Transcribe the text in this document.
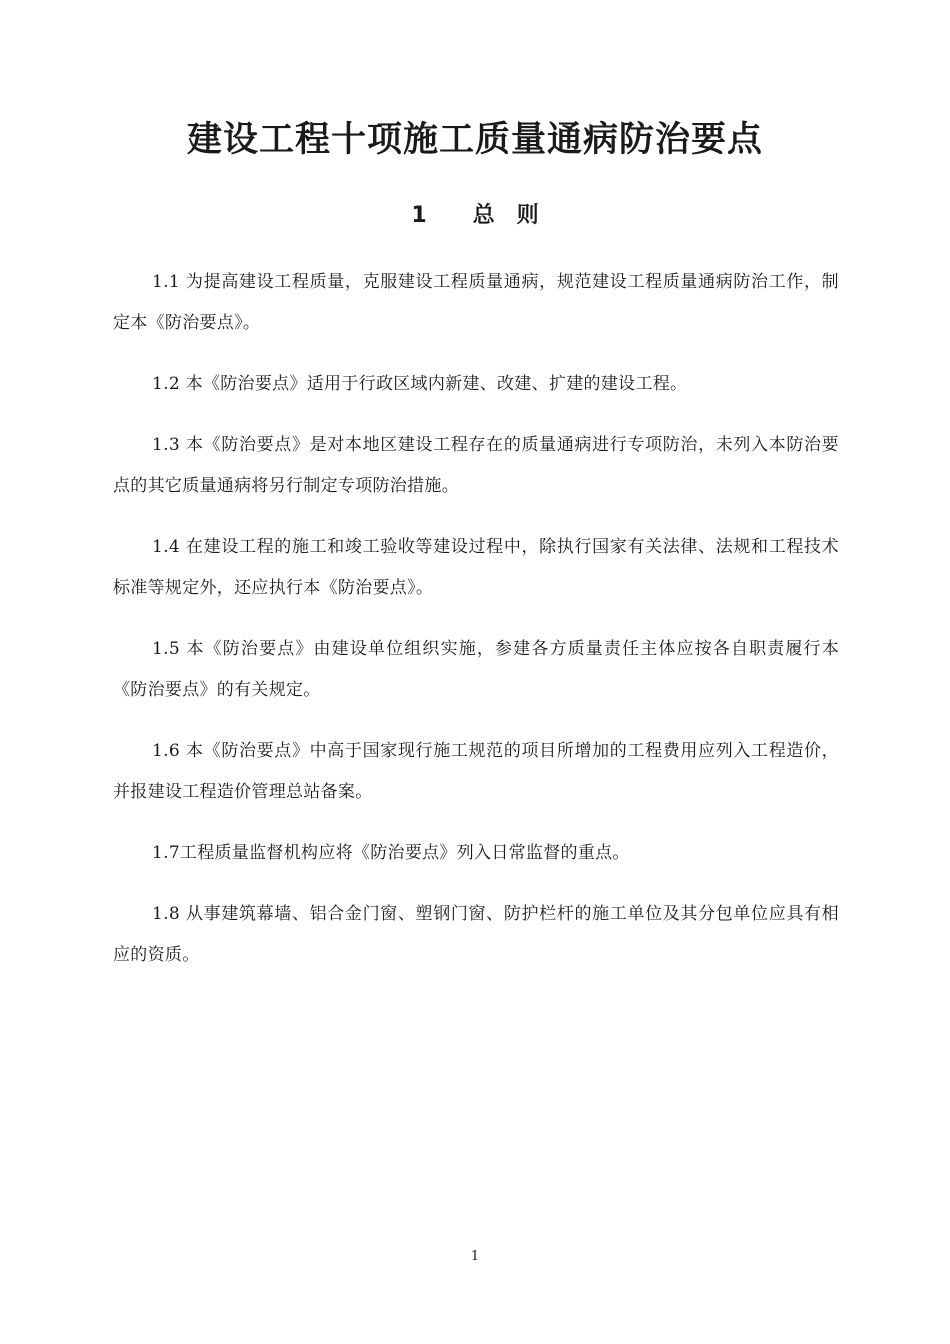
建设工程十项施工质量通病防治要点
1 总则

1.1 为提高建设工程质量，克服建设工程质量通病，规范建设工程质量通病防治工作，制定本《防治要点》。

1.2 本《防治要点》适用于行政区域内新建、改建、扩建的建设工程。

1.3 本《防治要点》是对本地区建设工程存在的质量通病进行专项防治，未列入本防治要点的其它质量通病将另行制定专项防治措施。

1.4 在建设工程的施工和竣工验收等建设过程中，除执行国家有关法律、法规和工程技术标准等规定外，还应执行本《防治要点》。

1.5 本《防治要点》由建设单位组织实施，参建各方质量责任主体应按各自职责履行本《防治要点》的有关规定。

1.6 本《防治要点》中高于国家现行施工规范的项目所增加的工程费用应列入工程造价，并报建设工程造价管理总站备案。

1.7工程质量监督机构应将《防治要点》列入日常监督的重点。

1.8 从事建筑幕墙、铝合金门窗、塑钢门窗、防护栏杆的施工单位及其分包单位应具有相应的资质。

1
